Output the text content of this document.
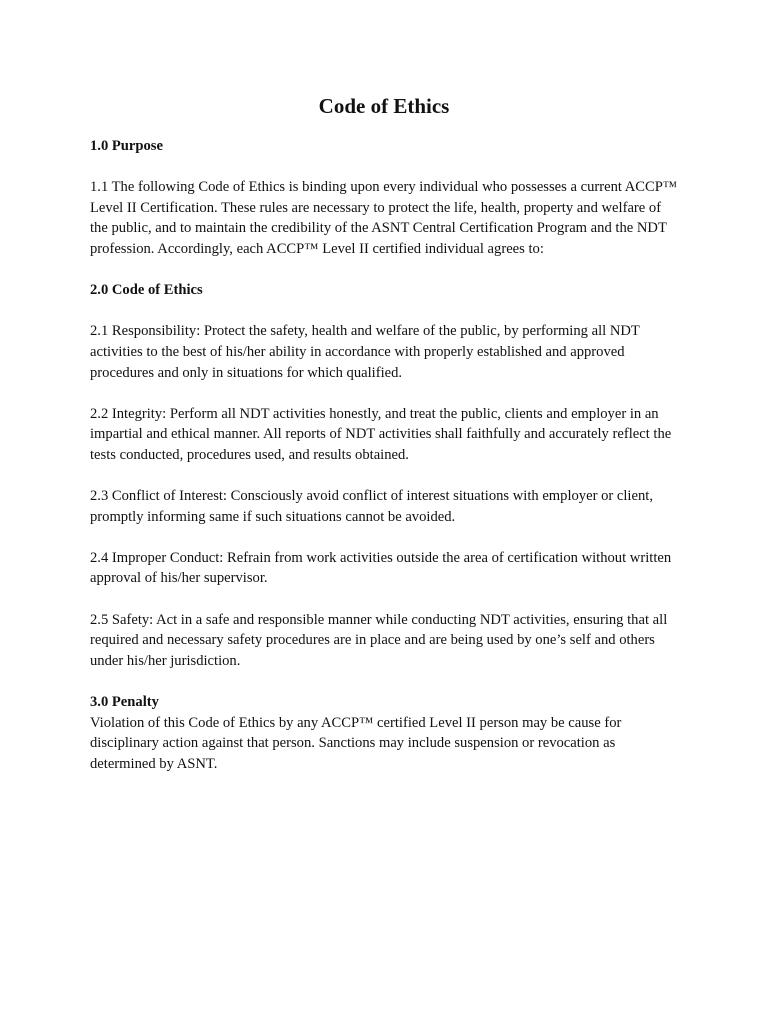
Code of Ethics

1.0 Purpose

1.1 The following Code of Ethics is binding upon every individual who possesses a current ACCP™ Level II Certification. These rules are necessary to protect the life, health, property and welfare of the public, and to maintain the credibility of the ASNT Central Certification Program and the NDT profession. Accordingly, each ACCP™ Level II certified individual agrees to:

2.0 Code of Ethics

2.1 Responsibility: Protect the safety, health and welfare of the public, by performing all NDT activities to the best of his/her ability in accordance with properly established and approved procedures and only in situations for which qualified.

2.2 Integrity: Perform all NDT activities honestly, and treat the public, clients and employer in an impartial and ethical manner. All reports of NDT activities shall faithfully and accurately reflect the tests conducted, procedures used, and results obtained.

2.3 Conflict of Interest: Consciously avoid conflict of interest situations with employer or client, promptly informing same if such situations cannot be avoided.

2.4 Improper Conduct: Refrain from work activities outside the area of certification without written approval of his/her supervisor.

2.5 Safety: Act in a safe and responsible manner while conducting NDT activities, ensuring that all required and necessary safety procedures are in place and are being used by one’s self and others under his/her jurisdiction.

3.0 Penalty

Violation of this Code of Ethics by any ACCP™ certified Level II person may be cause for disciplinary action against that person. Sanctions may include suspension or revocation as determined by ASNT.
